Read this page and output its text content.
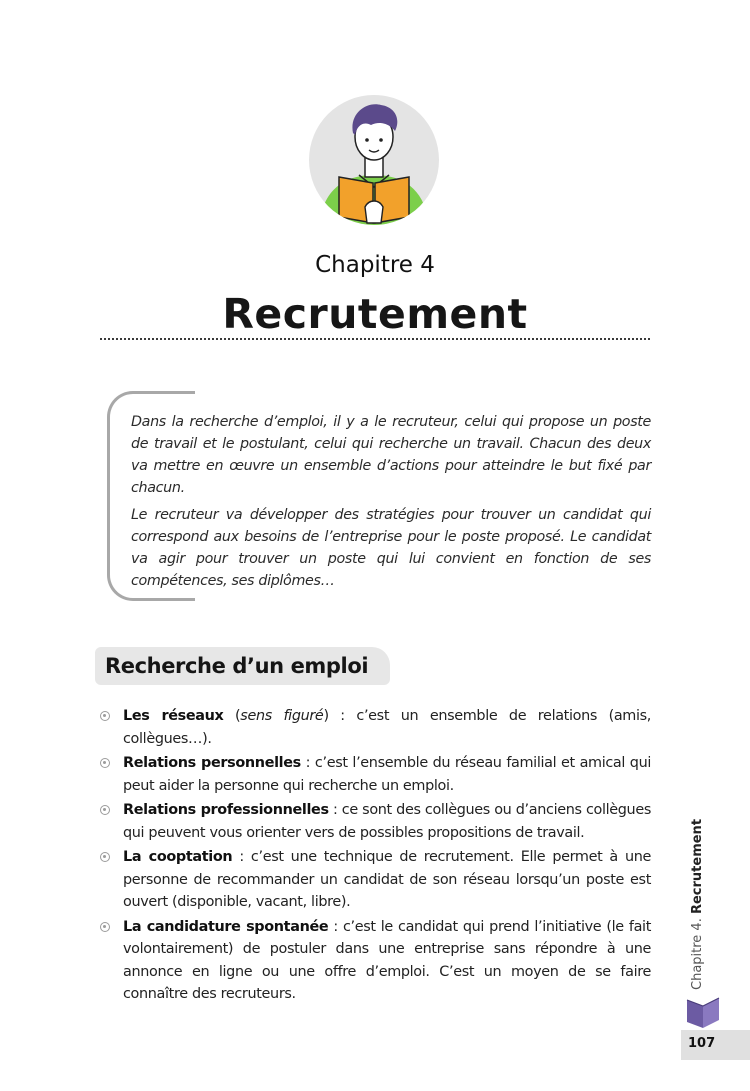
Chapitre 4
Recrutement

Dans la recherche d’emploi, il y a le recruteur, celui qui propose un poste de travail et le postulant, celui qui recherche un travail. Chacun des deux va mettre en œuvre un ensemble d’actions pour atteindre le but fixé par chacun.

Le recruteur va développer des stratégies pour trouver un candidat qui correspond aux besoins de l’entreprise pour le poste proposé. Le candidat va agir pour trouver un poste qui lui convient en fonction de ses compétences, ses diplômes…

Recherche d’un emploi
Les réseaux (sens figuré) : c’est un ensemble de relations (amis, collègues…).
Relations personnelles : c’est l’ensemble du réseau familial et amical qui peut aider la personne qui recherche un emploi.
Relations professionnelles : ce sont des collègues ou d’anciens collègues qui peuvent vous orienter vers de possibles propositions de travail.
La cooptation : c’est une technique de recrutement. Elle permet à une personne de recommander un candidat de son réseau lorsqu’un poste est ouvert (disponible, vacant, libre).
La candidature spontanée : c’est le candidat qui prend l’initiative (le fait volontairement) de postuler dans une entreprise sans répondre à une annonce en ligne ou une offre d’emploi. C’est un moyen de se faire connaître des recruteurs.
Chapitre 4. Recrutement
107
